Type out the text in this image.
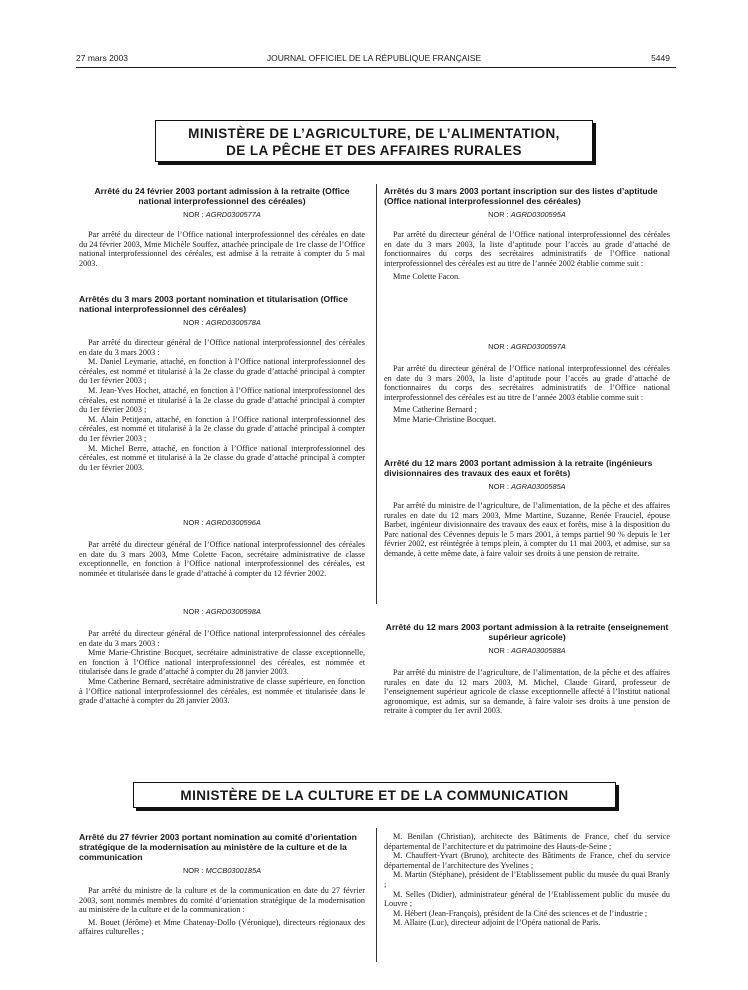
27 mars 2003	JOURNAL OFFICIEL DE LA RÉPUBLIQUE FRANÇAISE	5449
MINISTÈRE DE L’AGRICULTURE, DE L’ALIMENTATION,
DE LA PÊCHE ET DES AFFAIRES RURALES
Arrêté du 24 février 2003 portant admission à la retraite (Office national interprofessionnel des céréales)
NOR : AGRD0300577A

Par arrêté du directeur de l’Office national interprofessionnel des céréales en date du 24 février 2003, Mme Michèle Souffez, attachée principale de 1re classe de l’Office national interprofessionnel des céréales, est admise à la retraite à compter du 5 mai 2003.

Arrêtés du 3 mars 2003 portant nomination et titularisation (Office national interprofessionnel des céréales)
NOR : AGRD0300578A

Par arrêté du directeur général de l’Office national interprofessionnel des céréales en date du 3 mars 2003 :

M. Daniel Leymarie, attaché, en fonction à l’Office national interprofessionnel des céréales, est nommé et titularisé à la 2e classe du grade d’attaché principal à compter du 1er février 2003 ;

M. Jean-Yves Hochet, attaché, en fonction à l’Office national interprofessionnel des céréales, est nommé et titularisé à la 2e classe du grade d’attaché principal à compter du 1er février 2003 ;

M. Alain Petitjean, attaché, en fonction à l’Office national interprofessionnel des céréales, est nommé et titularisé à la 2e classe du grade d’attaché principal à compter du 1er février 2003 ;

M. Michel Berre, attaché, en fonction à l’Office national interprofessionnel des céréales, est nommé et titularisé à la 2e classe du grade d’attaché principal à compter du 1er février 2003.

NOR : AGRD0300596A

Par arrêté du directeur général de l’Office national interprofessionnel des céréales en date du 3 mars 2003, Mme Colette Facon, secrétaire administrative de classe exceptionnelle, en fonction à l’Office national interprofessionnel des céréales, est nommée et titularisée dans le grade d’attaché à compter du 12 février 2002.

NOR : AGRD0300598A

Par arrêté du directeur général de l’Office national interprofessionnel des céréales en date du 3 mars 2003 :

Mme Marie-Christine Bocquet, secrétaire administrative de classe exceptionnelle, en fonction à l’Office national interprofessionnel des céréales, est nommée et titularisée dans le grade d’attaché à compter du 28 janvier 2003.

Mme Catherine Bernard, secrétaire administrative de classe supérieure, en fonction à l’Office national interprofessionnel des céréales, est nommée et titularisée dans le grade d’attaché à compter du 28 janvier 2003.

Arrêtés du 3 mars 2003 portant inscription sur des listes d’aptitude (Office national interprofessionnel des céréales)
NOR : AGRD0300595A

Par arrêté du directeur général de l’Office national interprofessionnel des céréales en date du 3 mars 2003, la liste d’aptitude pour l’accès au grade d’attaché de fonctionnaires du corps des secrétaires administratifs de l’Office national interprofessionnel des céréales est au titre de l’année 2002 établie comme suit :

Mme Colette Facon.

NOR : AGRD0300597A

Par arrêté du directeur général de l’Office national interprofessionnel des céréales en date du 3 mars 2003, la liste d’aptitude pour l’accès au grade d’attaché de fonctionnaires du corps des secrétaires administratifs de l’Office national interprofessionnel des céréales est au titre de l’année 2003 établie comme suit :

Mme Catherine Bernard ;

Mme Marie-Christine Bocquet.

Arrêté du 12 mars 2003 portant admission à la retraite (ingénieurs divisionnaires des travaux des eaux et forêts)
NOR : AGRA0300585A

Par arrêté du ministre de l’agriculture, de l’alimentation, de la pêche et des affaires rurales en date du 12 mars 2003, Mme Martine, Suzanne, Renée Frauciel, épouse Barbet, ingénieur divisionnaire des travaux des eaux et forêts, mise à la disposition du Parc national des Cévennes depuis le 5 mars 2001, à temps partiel 90 % depuis le 1er février 2002, est réintégrée à temps plein, à compter du 11 mai 2003, et admise, sur sa demande, à cette même date, à faire valoir ses droits à une pension de retraite.

Arrêté du 12 mars 2003 portant admission à la retraite (enseignement supérieur agricole)
NOR : AGRA0300588A

Par arrêté du ministre de l’agriculture, de l’alimentation, de la pêche et des affaires rurales en date du 12 mars 2003, M. Michel, Claude Girard, professeur de l’enseignement supérieur agricole de classe exceptionnelle affecté à l’Institut national agronomique, est admis, sur sa demande, à faire valoir ses droits à une pension de retraite à compter du 1er avril 2003.

MINISTÈRE DE LA CULTURE ET DE LA COMMUNICATION
Arrêté du 27 février 2003 portant nomination au comité d’orientation stratégique de la modernisation au ministère de la culture et de la communication
NOR : MCCB0300185A

Par arrêté du ministre de la culture et de la communication en date du 27 février 2003, sont nommés membres du comité d’orientation stratégique de la modernisation au ministère de la culture et de la communication :

M. Bouet (Jérôme) et Mme Chatenay-Dollo (Véronique), directeurs régionaux des affaires culturelles ;

M. Benilan (Christian), architecte des Bâtiments de France, chef du service départemental de l’architecture et du patrimoine des Hauts-de-Seine ;

M. Chauffert-Yvart (Bruno), architecte des Bâtiments de France, chef du service départemental de l’architecture des Yvelines ;

M. Martin (Stéphane), président de l’Etablissement public du musée du quai Branly ;

M. Selles (Didier), administrateur général de l’Etablissement public du musée du Louvre ;

M. Hébert (Jean-François), président de la Cité des sciences et de l’industrie ;

M. Allaire (Luc), directeur adjoint de l’Opéra national de Paris.
